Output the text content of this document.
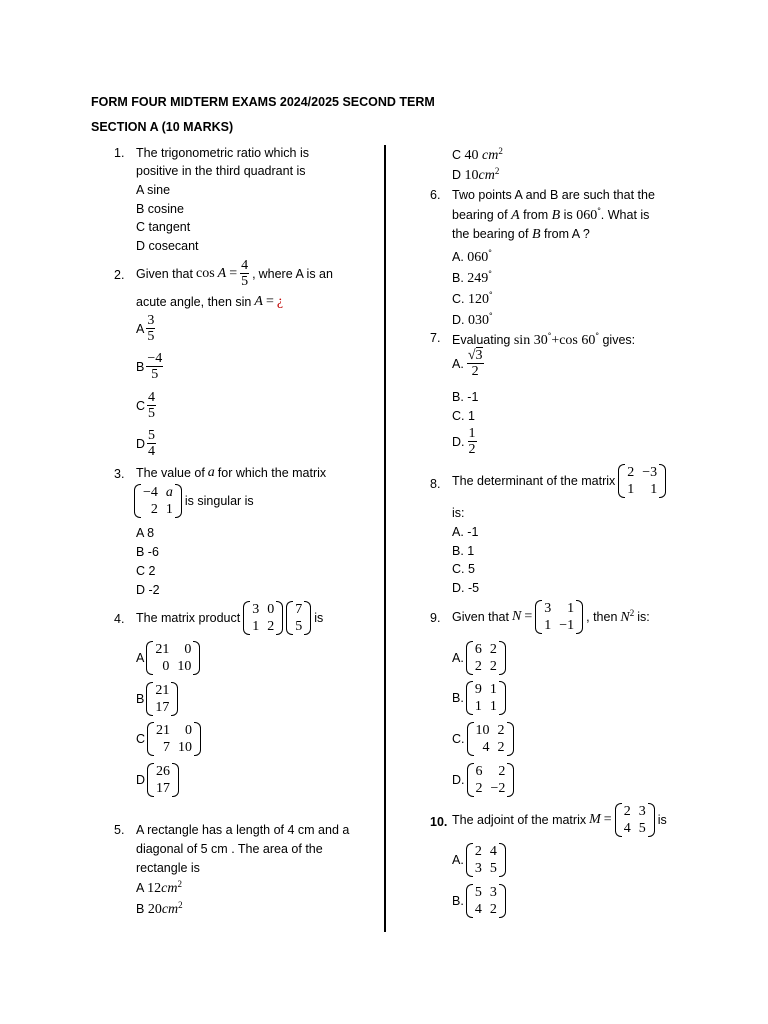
FORM FOUR MIDTERM EXAMS 2024/2025 SECOND TERM
SECTION A (10 MARKS)
1. The trigonometric ratio which is
positive in the third quadrant is
A sine
B cosine
C tangent
D cosecant
2. Given that $\cos A = \frac{4}{5}$ , where A is an
acute angle, then sin A = ¿
A $\frac{3}{5}$
B $\frac{-4}{5}$
C $\frac{4}{5}$
D $\frac{5}{4}$
3. The value of a for which the matrix
−4 a
2 1
is singular is
A 8
B -6
C 2
D -2
4. The matrix product
3 0
1 2
7
5
is
A
21	0
0 10
B
21
17
C
21	0
7 10
D
26
17
5. A rectangle has a length of 4 cm and a
diagonal of 5 cm . The area of the
rectangle is
A $12cm^2$
B $20cm^2$
C 40 $cm^2$
D $10cm^2$
6. Two points A and B are such that the
bearing of A from B is 060°. What is
the bearing of B from A ?
A. 060°
B. 249°
C. 120°
D. 030°
7. Evaluating sin 30°+cos 60° gives:
A. $\frac{√3}{2}$
B. -1
C. 1
D. $\frac{1}{2}$
8. The determinant of the matrix
2 −3
1	1
is:
A. -1
B. 1
C. 5
D. -5
9. Given that N =
3	1
1 −1
, then $N^2$ is:
A.
6 2
2 2
B.
9 1
1 1
C.
10 2
4 2
D.
6	2
2 −2
10. The adjoint of the matrix M =
2 3
4 5
is
A.
2 4
3 5
B.
5 3
4 2
